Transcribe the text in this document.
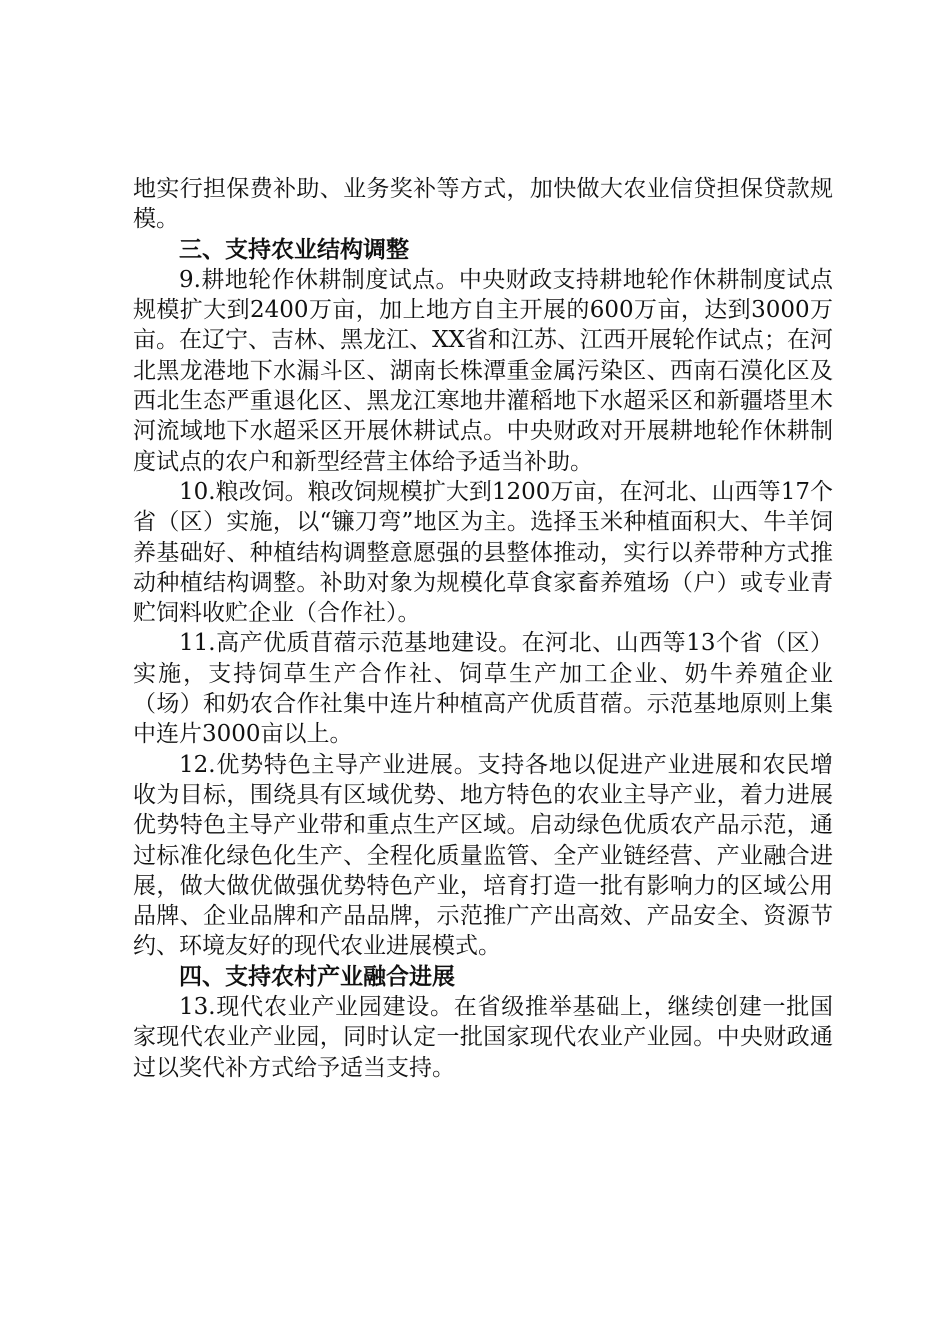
地实行担保费补助、业务奖补等方式，加快做大农业信贷担保贷款规模。

三、支持农业结构调整

9.耕地轮作休耕制度试点。中央财政支持耕地轮作休耕制度试点规模扩大到2400万亩，加上地方自主开展的600万亩，达到3000万亩。在辽宁、吉林、黑龙江、XX省和江苏、江西开展轮作试点；在河北黑龙港地下水漏斗区、湖南长株潭重金属污染区、西南石漠化区及西北生态严重退化区、黑龙江寒地井灌稻地下水超采区和新疆塔里木河流域地下水超采区开展休耕试点。中央财政对开展耕地轮作休耕制度试点的农户和新型经营主体给予适当补助。

10.粮改饲。粮改饲规模扩大到1200万亩，在河北、山西等17个省（区）实施，以“镰刀弯”地区为主。选择玉米种植面积大、牛羊饲养基础好、种植结构调整意愿强的县整体推动，实行以养带种方式推动种植结构调整。补助对象为规模化草食家畜养殖场（户）或专业青贮饲料收贮企业（合作社）。

11.高产优质苜蓿示范基地建设。在河北、山西等13个省（区）实施，支持饲草生产合作社、饲草生产加工企业、奶牛养殖企业（场）和奶农合作社集中连片种植高产优质苜蓿。示范基地原则上集中连片3000亩以上。

12.优势特色主导产业进展。支持各地以促进产业进展和农民增收为目标，围绕具有区域优势、地方特色的农业主导产业，着力进展优势特色主导产业带和重点生产区域。启动绿色优质农产品示范，通过标准化绿色化生产、全程化质量监管、全产业链经营、产业融合进展，做大做优做强优势特色产业，培育打造一批有影响力的区域公用品牌、企业品牌和产品品牌，示范推广产出高效、产品安全、资源节约、环境友好的现代农业进展模式。

四、支持农村产业融合进展

13.现代农业产业园建设。在省级推举基础上，继续创建一批国家现代农业产业园，同时认定一批国家现代农业产业园。中央财政通过以奖代补方式给予适当支持。
